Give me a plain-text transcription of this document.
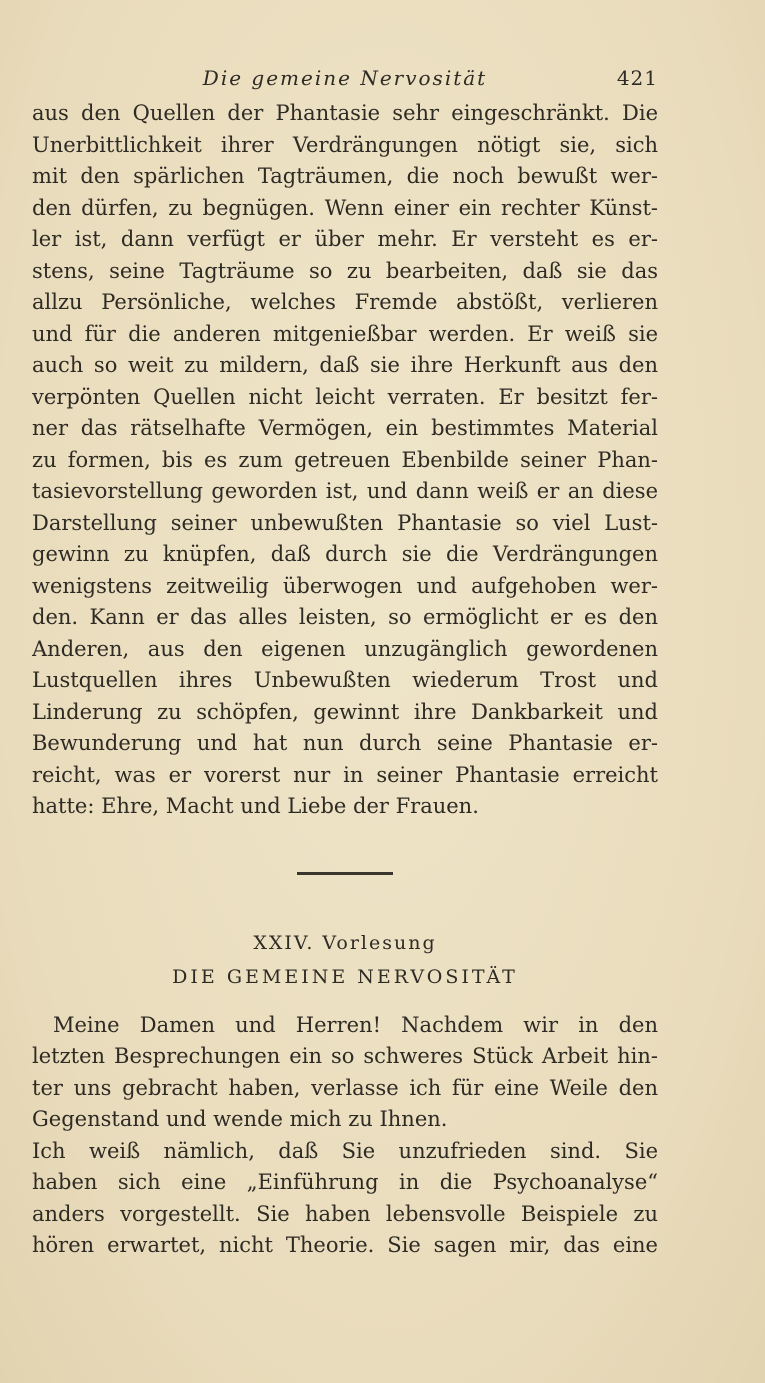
Die gemeine Nervosität	421

aus den Quellen der Phantasie sehr eingeschränkt. Die
Unerbittlichkeit ihrer Verdrängungen nötigt sie, sich
mit den spärlichen Tagträumen, die noch bewußt wer-
den dürfen, zu begnügen. Wenn einer ein rechter Künst-
ler ist, dann verfügt er über mehr. Er versteht es er-
stens, seine Tagträume so zu bearbeiten, daß sie das
allzu Persönliche, welches Fremde abstößt, verlieren
und für die anderen mitgenießbar werden. Er weiß sie
auch so weit zu mildern, daß sie ihre Herkunft aus den
verpönten Quellen nicht leicht verraten. Er besitzt fer-
ner das rätselhafte Vermögen, ein bestimmtes Material
zu formen, bis es zum getreuen Ebenbilde seiner Phan-
tasievorstellung geworden ist, und dann weiß er an diese
Darstellung seiner unbewußten Phantasie so viel Lust-
gewinn zu knüpfen, daß durch sie die Verdrängungen
wenigstens zeitweilig überwogen und aufgehoben wer-
den. Kann er das alles leisten, so ermöglicht er es den
Anderen, aus den eigenen unzugänglich gewordenen
Lustquellen ihres Unbewußten wiederum Trost und
Linderung zu schöpfen, gewinnt ihre Dankbarkeit und
Bewunderung und hat nun durch seine Phantasie er-
reicht, was er vorerst nur in seiner Phantasie erreicht
hatte: Ehre, Macht und Liebe der Frauen.

XXIV. Vorlesung
DIE GEMEINE NERVOSITÄT

Meine Damen und Herren! Nachdem wir in den
letzten Besprechungen ein so schweres Stück Arbeit hin-
ter uns gebracht haben, verlasse ich für eine Weile den
Gegenstand und wende mich zu Ihnen.

Ich weiß nämlich, daß Sie unzufrieden sind. Sie
haben sich eine „Einführung in die Psychoanalyse“
anders vorgestellt. Sie haben lebensvolle Beispiele zu
hören erwartet, nicht Theorie. Sie sagen mir, das eine
